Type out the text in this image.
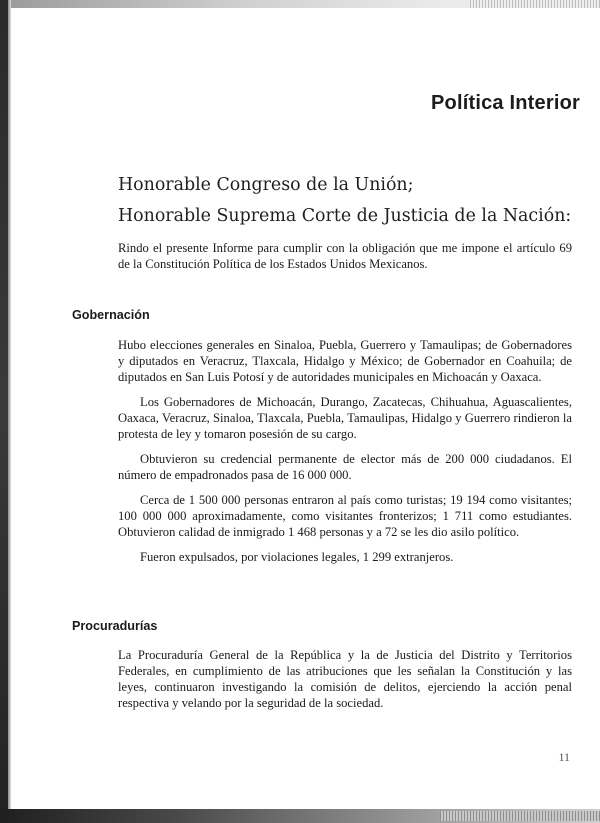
Política Interior

Honorable Congreso de la Unión;

Honorable Suprema Corte de Justicia de la Nación:

Rindo el presente Informe para cumplir con la obligación que me impone el artículo 69 de la Constitución Política de los Estados Unidos Mexicanos.

Gobernación

Hubo elecciones generales en Sinaloa, Puebla, Guerrero y Tamaulipas; de Gobernadores y diputados en Veracruz, Tlaxcala, Hidalgo y México; de Gobernador en Coahuila; de diputados en San Luis Potosí y de autoridades municipales en Michoacán y Oaxaca.

Los Gobernadores de Michoacán, Durango, Zacatecas, Chihuahua, Aguascalientes, Oaxaca, Veracruz, Sinaloa, Tlaxcala, Puebla, Tamaulipas, Hidalgo y Guerrero rindieron la protesta de ley y tomaron posesión de su cargo.

Obtuvieron su credencial permanente de elector más de 200 000 ciudadanos. El número de empadronados pasa de 16 000 000.

Cerca de 1 500 000 personas entraron al país como turistas; 19 194 como visitantes; 100 000 000 aproximadamente, como visitantes fronterizos; 1 711 como estudiantes. Obtuvieron calidad de inmigrado 1 468 personas y a 72 se les dio asilo político.

Fueron expulsados, por violaciones legales, 1 299 extranjeros.

Procuradurías

La Procuraduría General de la República y la de Justicia del Distrito y Territorios Federales, en cumplimiento de las atribuciones que les señalan la Constitución y las leyes, continuaron investigando la comisión de delitos, ejerciendo la acción penal respectiva y velando por la seguridad de la sociedad.

11
